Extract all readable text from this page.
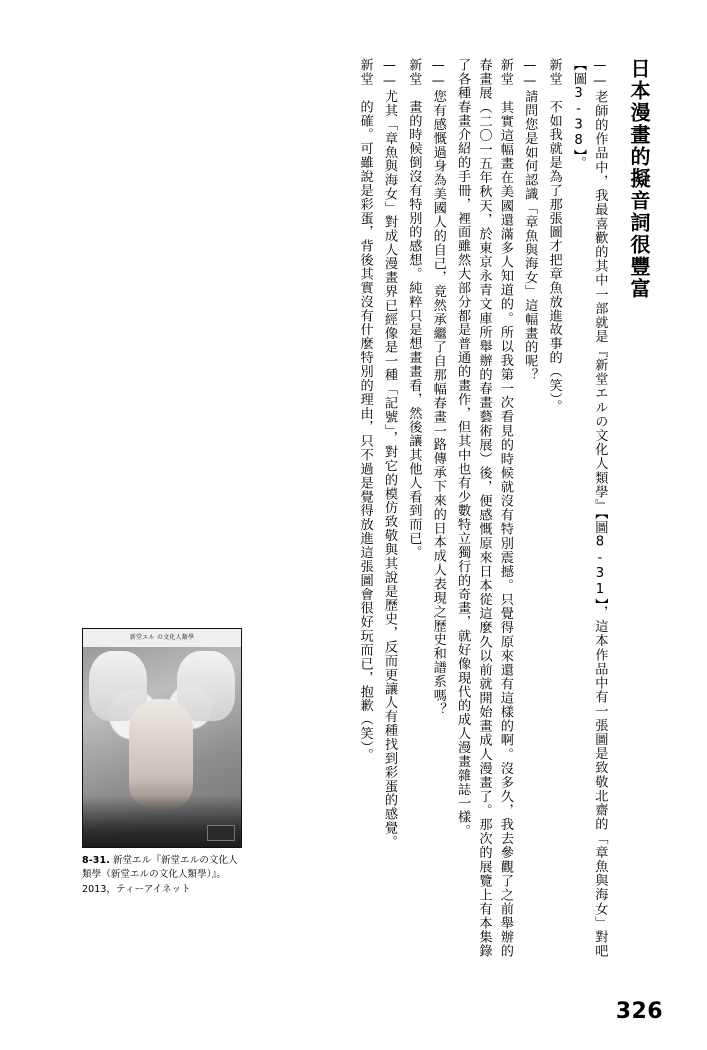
日本漫畫的擬音詞很豐富

——老師的作品中，我最喜歡的其中一部就是『新堂エルの文化人類學』【圖8-31】，這本作品中有一張圖是致敬北齋的「章魚與海女」對吧【圖3-38】。

新堂　不如我就是為了那張圖才把章魚放進故事的（笑）。

——請問您是如何認識「章魚與海女」這幅畫的呢？

新堂　其實這幅畫在美國還滿多人知道的。所以我第一次看見的時候就沒有特別震撼。只覺得原來還有這樣的啊。沒多久，我去參觀了之前舉辦的春畫展（二〇一五年秋天，於東京永青文庫所舉辦的春畫藝術展）後，便感慨原來日本從這麼久以前就開始畫成人漫畫了。那次的展覽上有本集錄了各種春畫介紹的手冊，裡面雖然大部分都是普通的畫作，但其中也有少數特立獨行的奇畫，就好像現代的成人漫畫雜誌一樣。

——您有感慨過身為美國人的自己，竟然承繼了自那幅春畫一路傳承下來的日本成人表現之歷史和譜系嗎？

新堂　畫的時候倒沒有特別的感想。純粹只是想畫畫看，然後讓其他人看到而已。

——尤其「章魚與海女」對成人漫畫界已經像是一種「記號」，對它的模仿致敬與其說是歷史，反而更讓人有種找到彩蛋的感覺。

新堂　的確。可雖說是彩蛋，背後其實沒有什麼特別的理由，只不過是覺得放進這張圖會很好玩而已，抱歉（笑）。

新堂エル の文化人類學
8-31. 新堂エル『新堂エルの文化人類學（新堂エルの文化人類學）』。2013，ティーアイネット
326
